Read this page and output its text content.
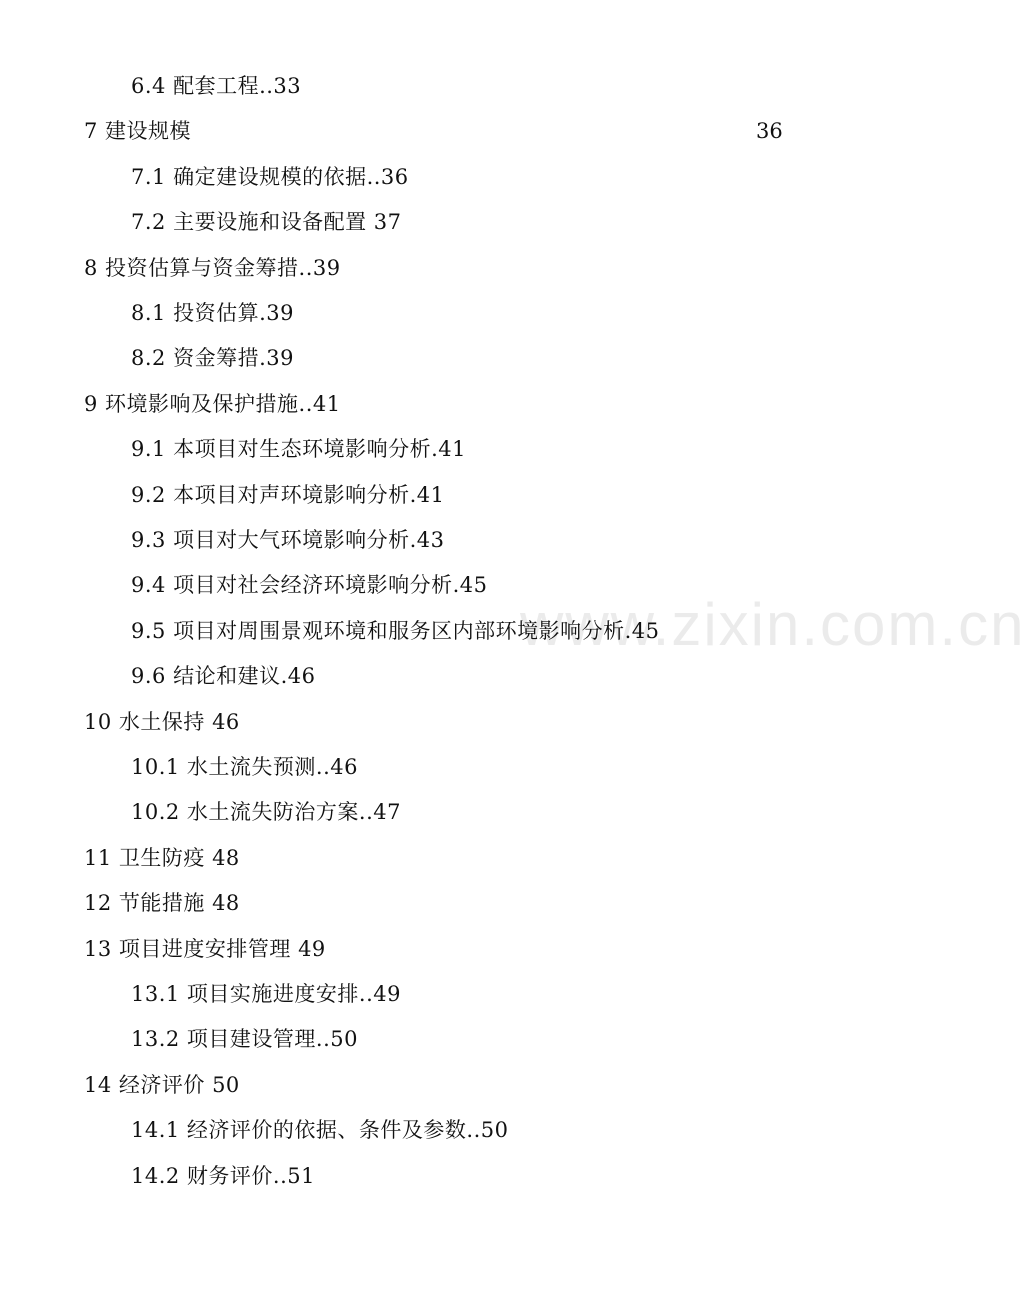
www.zixin.com.cn
6.4 配套工程..33
7 建设规模	36
7.1 确定建设规模的依据..36
7.2 主要设施和设备配置 37
8 投资估算与资金筹措..39
8.1 投资估算.39
8.2 资金筹措.39
9 环境影响及保护措施..41
9.1 本项目对生态环境影响分析.41
9.2 本项目对声环境影响分析.41
9.3 项目对大气环境影响分析.43
9.4 项目对社会经济环境影响分析.45
9.5 项目对周围景观环境和服务区内部环境影响分析.45
9.6 结论和建议.46
10 水土保持 46
10.1 水土流失预测..46
10.2 水土流失防治方案..47
11 卫生防疫 48
12 节能措施 48
13 项目进度安排管理 49
13.1 项目实施进度安排..49
13.2 项目建设管理..50
14 经济评价 50
14.1 经济评价的依据、条件及参数..50
14.2 财务评价..51
